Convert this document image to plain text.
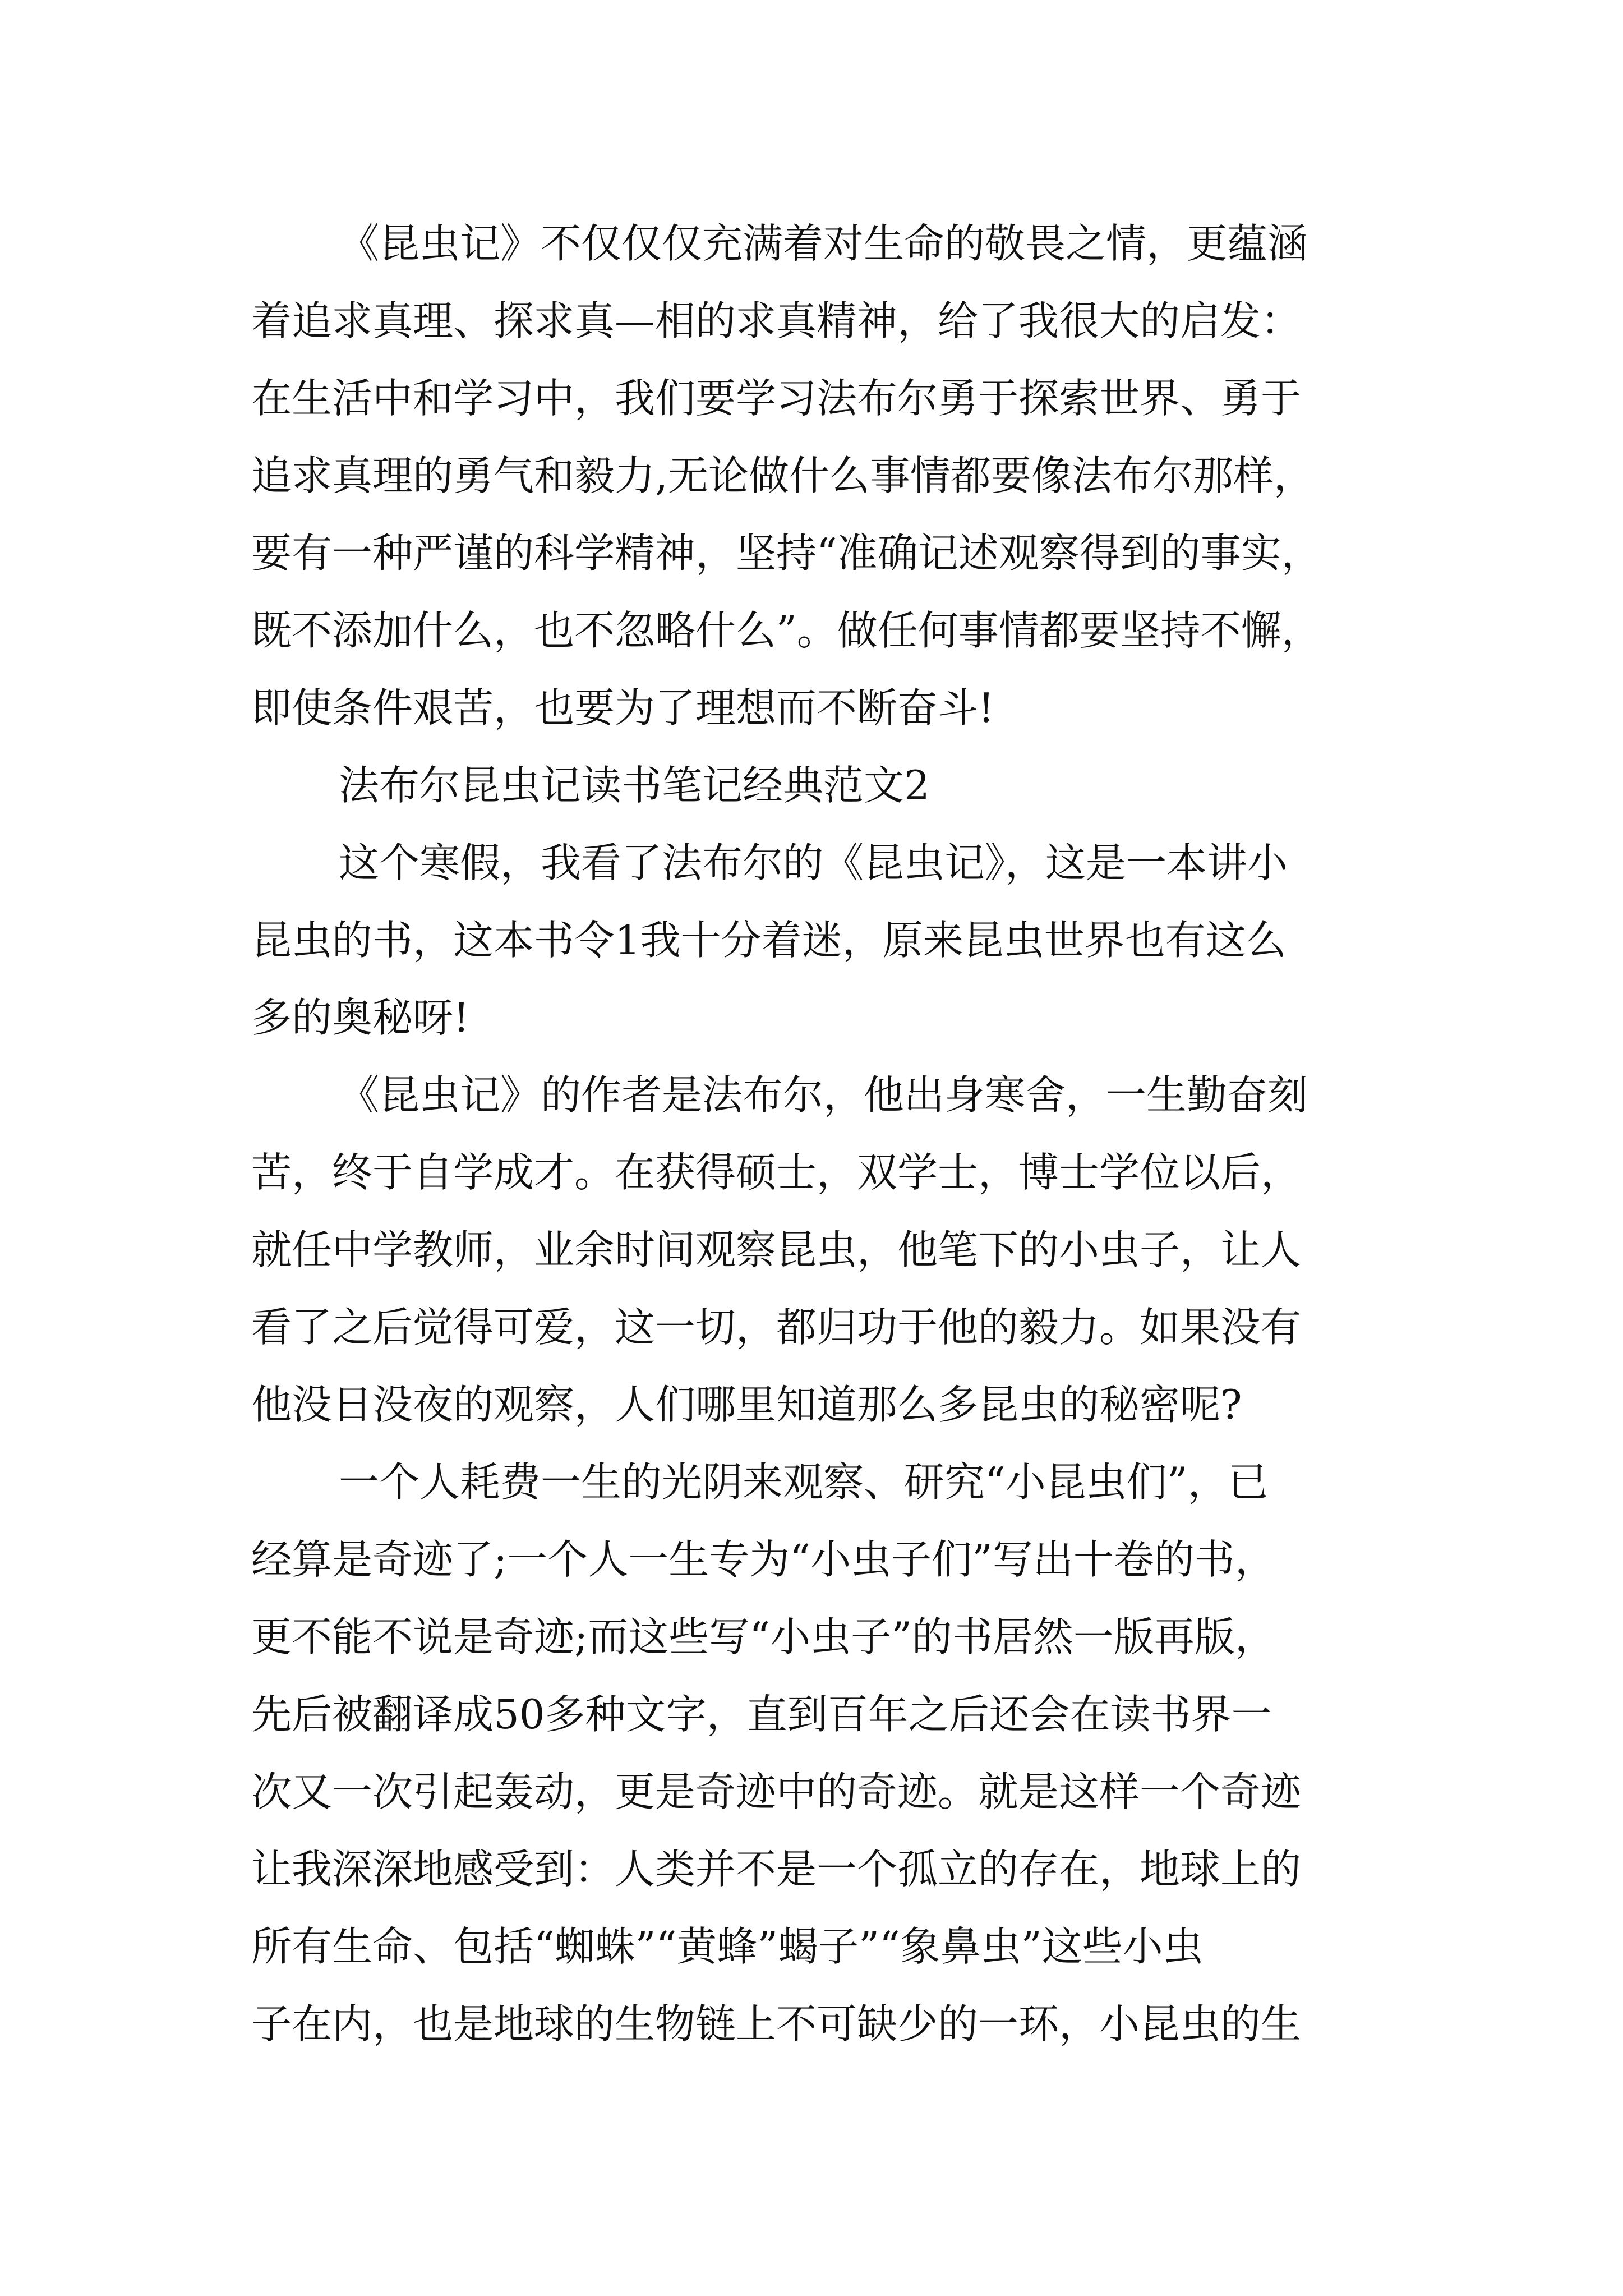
《昆虫记》不仅仅仅充满着对生命的敬畏之情，更蕴涵
着追求真理、探求真—相的求真精神，给了我很大的启发：
在生活中和学习中，我们要学习法布尔勇于探索世界、勇于
追求真理的勇气和毅力,无论做什么事情都要像法布尔那样，
要有一种严谨的科学精神，坚持“准确记述观察得到的事实，
既不添加什么，也不忽略什么”。做任何事情都要坚持不懈，
即使条件艰苦，也要为了理想而不断奋斗!
法布尔昆虫记读书笔记经典范文2
这个寒假，我看了法布尔的《昆虫记》，这是一本讲小
昆虫的书，这本书令1我十分着迷，原来昆虫世界也有这么
多的奥秘呀!
《昆虫记》的作者是法布尔，他出身寒舍，一生勤奋刻
苦，终于自学成才。在获得硕士，双学士，博士学位以后，
就任中学教师，业余时间观察昆虫，他笔下的小虫子，让人
看了之后觉得可爱，这一切，都归功于他的毅力。如果没有
他没日没夜的观察，人们哪里知道那么多昆虫的秘密呢?
一个人耗费一生的光阴来观察、研究“小昆虫们”，已
经算是奇迹了;一个人一生专为“小虫子们”写出十卷的书，
更不能不说是奇迹;而这些写“小虫子”的书居然一版再版，
先后被翻译成50多种文字，直到百年之后还会在读书界一
次又一次引起轰动，更是奇迹中的奇迹。就是这样一个奇迹
让我深深地感受到：人类并不是一个孤立的存在，地球上的
所有生命、包括“蜘蛛”“黄蜂”蝎子”“象鼻虫”这些小虫
子在内，也是地球的生物链上不可缺少的一环，小昆虫的生
